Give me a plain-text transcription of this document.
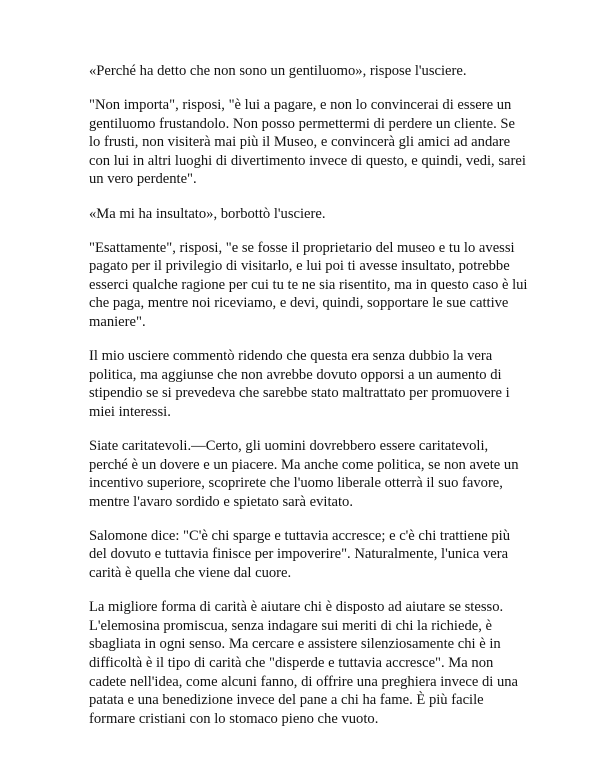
«Perché ha detto che non sono un gentiluomo», rispose l'usciere.

"Non importa", risposi, "è lui a pagare, e non lo convincerai di essere un gentiluomo frustandolo. Non posso permettermi di perdere un cliente. Se lo frusti, non visiterà mai più il Museo, e convincerà gli amici ad andare con lui in altri luoghi di divertimento invece di questo, e quindi, vedi, sarei un vero perdente".

«Ma mi ha insultato», borbottò l'usciere.

"Esattamente", risposi, "e se fosse il proprietario del museo e tu lo avessi pagato per il privilegio di visitarlo, e lui poi ti avesse insultato, potrebbe esserci qualche ragione per cui tu te ne sia risentito, ma in questo caso è lui che paga, mentre noi riceviamo, e devi, quindi, sopportare le sue cattive maniere".

Il mio usciere commentò ridendo che questa era senza dubbio la vera politica, ma aggiunse che non avrebbe dovuto opporsi a un aumento di stipendio se si prevedeva che sarebbe stato maltrattato per promuovere i miei interessi.

Siate caritatevoli.—Certo, gli uomini dovrebbero essere caritatevoli, perché è un dovere e un piacere. Ma anche come politica, se non avete un incentivo superiore, scoprirete che l'uomo liberale otterrà il suo favore, mentre l'avaro sordido e spietato sarà evitato.

Salomone dice: "C'è chi sparge e tuttavia accresce; e c'è chi trattiene più del dovuto e tuttavia finisce per impoverire". Naturalmente, l'unica vera carità è quella che viene dal cuore.

La migliore forma di carità è aiutare chi è disposto ad aiutare se stesso. L'elemosina promiscua, senza indagare sui meriti di chi la richiede, è sbagliata in ogni senso. Ma cercare e assistere silenziosamente chi è in difficoltà è il tipo di carità che "disperde e tuttavia accresce". Ma non cadete nell'idea, come alcuni fanno, di offrire una preghiera invece di una patata e una benedizione invece del pane a chi ha fame. È più facile formare cristiani con lo stomaco pieno che vuoto.
